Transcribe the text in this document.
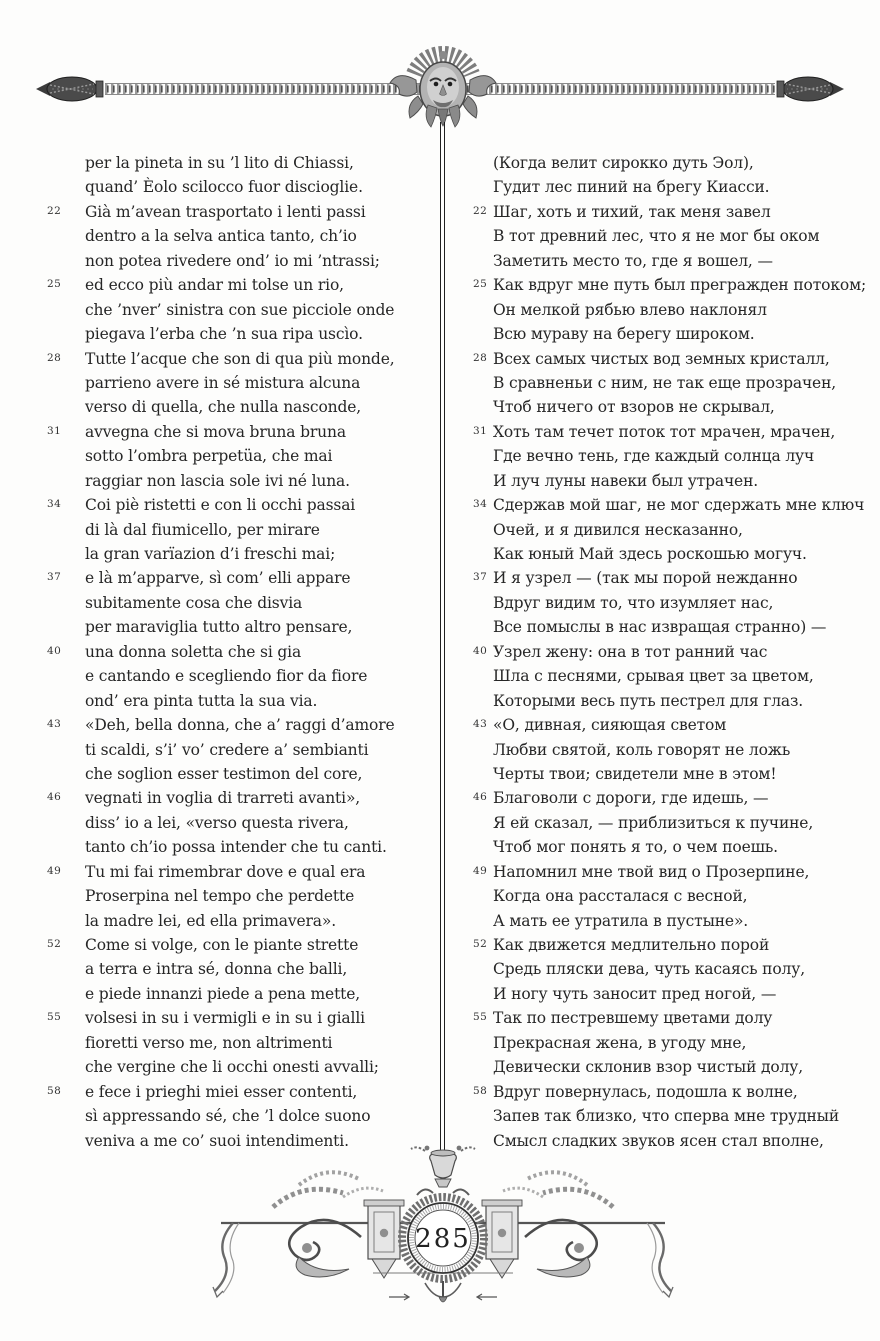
per la pineta in su ’l lito di Chiassi,
quand’ Èolo scilocco fuor discioglie.
22 Già m’avean trasportato i lenti passi
dentro a la selva antica tanto, ch’io
non potea rivedere ond’ io mi ’ntrassi;
25 ed ecco più andar mi tolse un rio,
che ’nver’ sinistra con sue picciole onde
piegava l’erba che ’n sua ripa uscìo.
28 Tutte l’acque che son di qua più monde,
parrieno avere in sé mistura alcuna
verso di quella, che nulla nasconde,
31 avvegna che si mova bruna bruna
sotto l’ombra perpetüa, che mai
raggiar non lascia sole ivi né luna.
34 Coi piè ristetti e con li occhi passai
di là dal fiumicello, per mirare
la gran varïazion d’i freschi mai;
37 e là m’apparve, sì com’ elli appare
subitamente cosa che disvia
per maraviglia tutto altro pensare,
40 una donna soletta che si gia
e cantando e scegliendo fior da fiore
ond’ era pinta tutta la sua via.
43 «Deh, bella donna, che a’ raggi d’amore
ti scaldi, s’i’ vo’ credere a’ sembianti
che soglion esser testimon del core,
46 vegnati in voglia di trarreti avanti»,
diss’ io a lei, «verso questa rivera,
tanto ch’io possa intender che tu canti.
49 Tu mi fai rimembrar dove e qual era
Proserpina nel tempo che perdette
la madre lei, ed ella primavera».
52 Come si volge, con le piante strette
a terra e intra sé, donna che balli,
e piede innanzi piede a pena mette,
55 volsesi in su i vermigli e in su i gialli
fioretti verso me, non altrimenti
che vergine che li occhi onesti avvalli;
58 e fece i prieghi miei esser contenti,
sì appressando sé, che ’l dolce suono
veniva a me co’ suoi intendimenti.
(Когда велит сирокко дуть Эол),
Гудит лес пиний на брегу Киасси.
22 Шаг, хоть и тихий, так меня завел
В тот древний лес, что я не мог бы оком
Заметить место то, где я вошел, —
25 Как вдруг мне путь был прегражден потоком;
Он мелкой рябью влево наклонял
Всю мураву на берегу широком.
28 Всех самых чистых вод земных кристалл,
В сравненьи с ним, не так еще прозрачен,
Чтоб ничего от взоров не скрывал,
31 Хоть там течет поток тот мрачен, мрачен,
Где вечно тень, где каждый солнца луч
И луч луны навеки был утрачен.
34 Сдержав мой шаг, не мог сдержать мне ключ
Очей, и я дивился несказанно,
Как юный Май здесь роскошью могуч.
37 И я узрел — (так мы порой нежданно
Вдруг видим то, что изумляет нас,
Все помыслы в нас извращая странно) —
40 Узрел жену: она в тот ранний час
Шла с песнями, срывая цвет за цветом,
Которыми весь путь пестрел для глаз.
43 «О, дивная, сияющая светом
Любви святой, коль говорят не ложь
Черты твои; свидетели мне в этом!
46 Благоволи с дороги, где идешь, —
Я ей сказал, — приблизиться к пучине,
Чтоб мог понять я то, о чем поешь.
49 Напомнил мне твой вид о Прозерпине,
Когда она рассталася с весной,
А мать ее утратила в пустыне».
52 Как движется медлительно порой
Средь пляски дева, чуть касаясь полу,
И ногу чуть заносит пред ногой, —
55 Так по пестревшему цветами долу
Прекрасная жена, в угоду мне,
Девически склонив взор чистый долу,
58 Вдруг повернулась, подошла к волне,
Запев так близко, что сперва мне трудный
Смысл сладких звуков ясен стал вполне,
285
